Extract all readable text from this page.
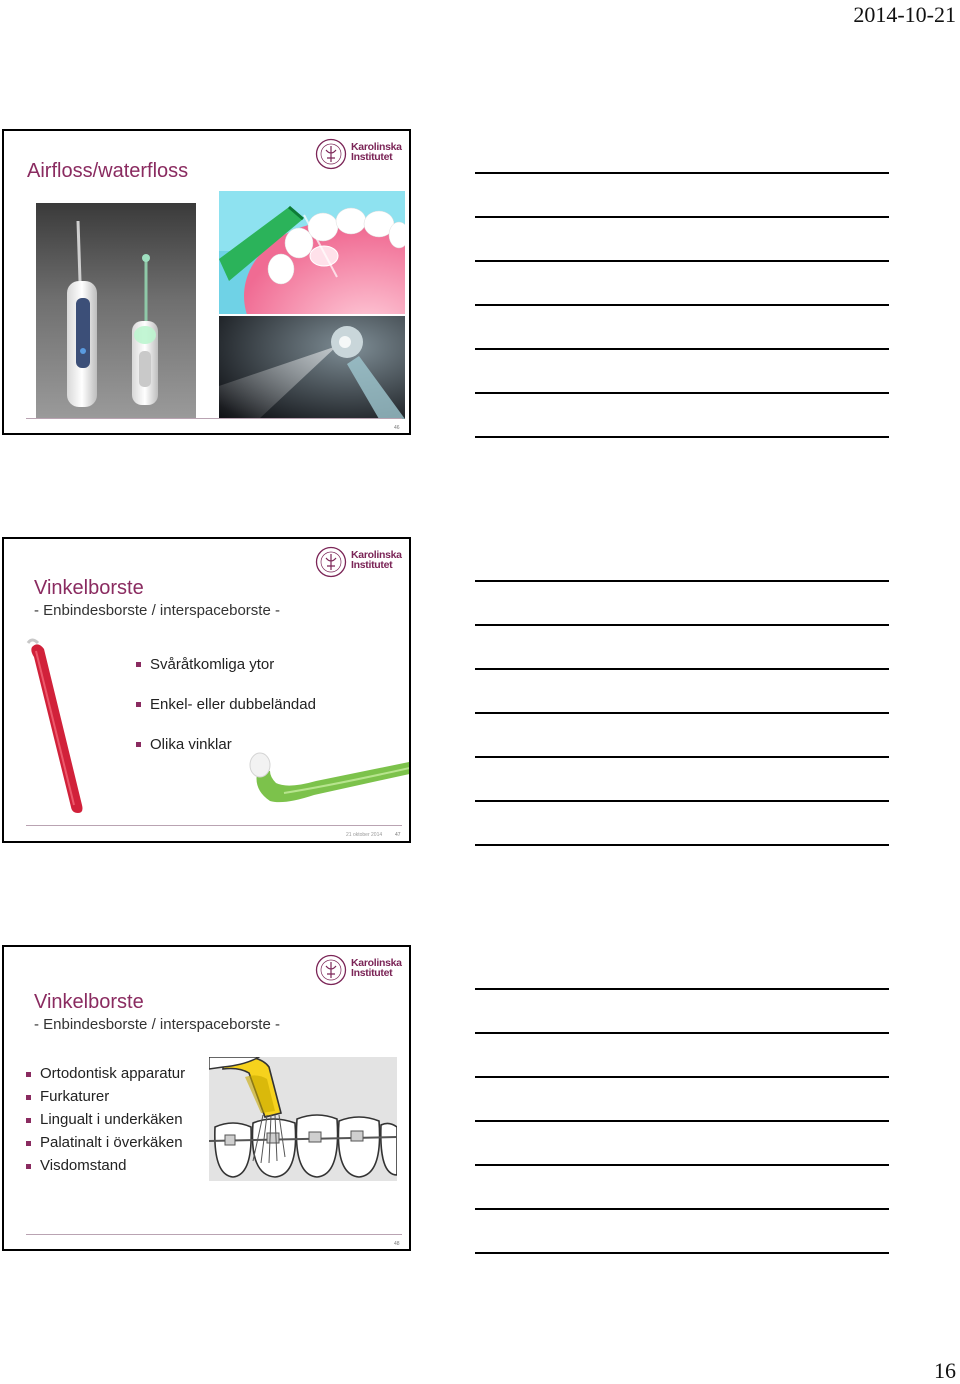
2014-10-21
Karolinska
Institutet
Airfloss/waterfloss
46
Karolinska
Institutet
Vinkelborste
- Enbindesborste / interspaceborste -
Svåråtkomliga ytor
Enkel- eller dubbeländad
Olika vinklar
21 oktober 2014	47
Karolinska
Institutet
Vinkelborste
- Enbindesborste / interspaceborste -
Ortodontisk apparatur
Furkaturer
Lingualt i underkäken
Palatinalt i överkäken
Visdomstand
48
16
